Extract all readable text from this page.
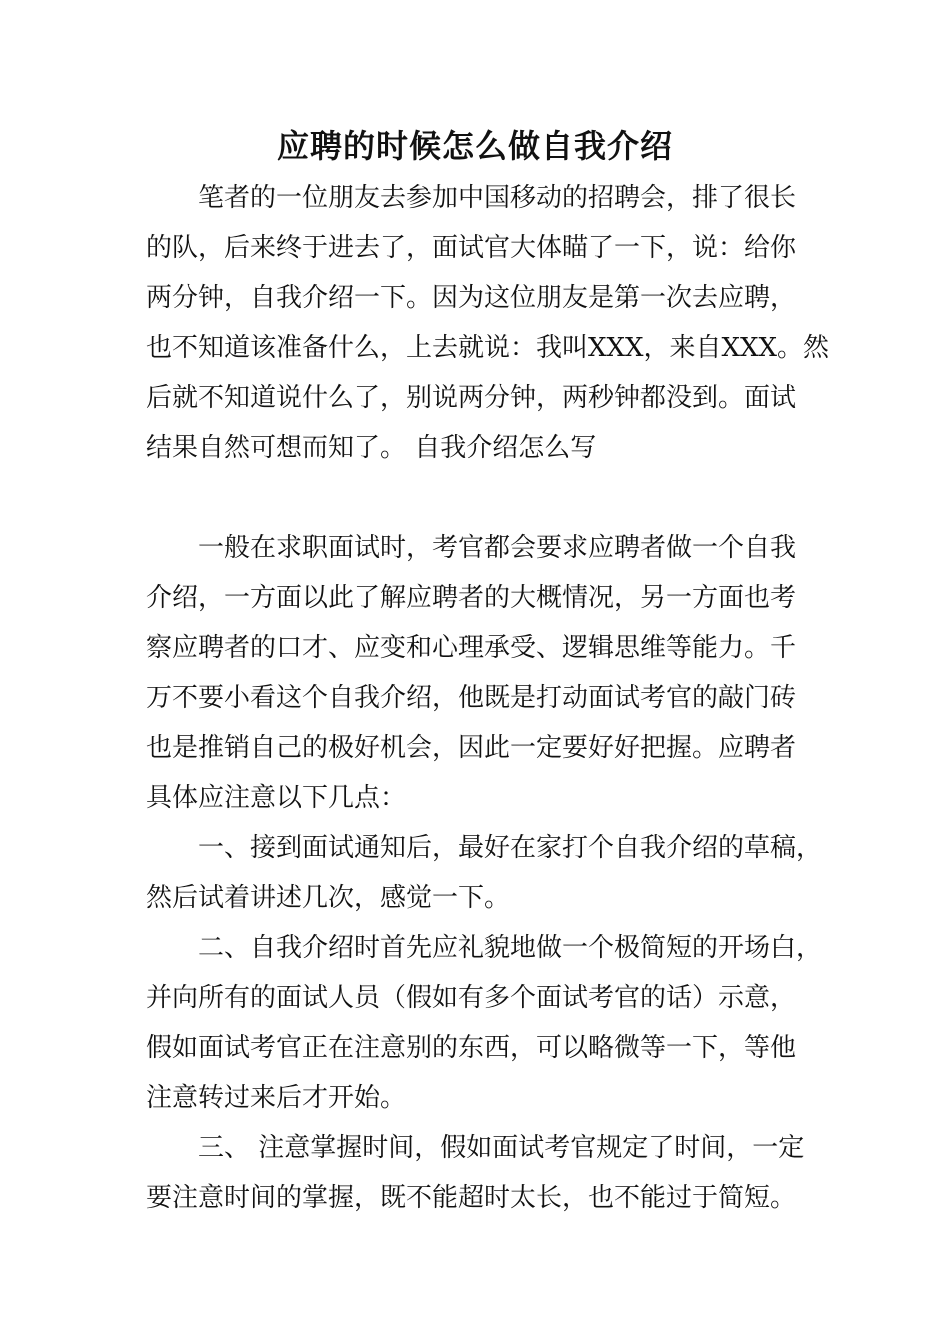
应聘的时候怎么做自我介绍
　　笔者的一位朋友去参加中国移动的招聘会，排了很长
的队，后来终于进去了，面试官大体瞄了一下，说：给你
两分钟，自我介绍一下。因为这位朋友是第一次去应聘，
也不知道该准备什么，上去就说：我叫XXX，来自XXX。然
后就不知道说什么了，别说两分钟，两秒钟都没到。面试
结果自然可想而知了。 自我介绍怎么写
　　一般在求职面试时，考官都会要求应聘者做一个自我
介绍，一方面以此了解应聘者的大概情况，另一方面也考
察应聘者的口才、应变和心理承受、逻辑思维等能力。千
万不要小看这个自我介绍，他既是打动面试考官的敲门砖
也是推销自己的极好机会，因此一定要好好把握。应聘者
具体应注意以下几点：
　　一、接到面试通知后，最好在家打个自我介绍的草稿，
然后试着讲述几次，感觉一下。
　　二、自我介绍时首先应礼貌地做一个极简短的开场白，
并向所有的面试人员（假如有多个面试考官的话）示意，
假如面试考官正在注意别的东西，可以略微等一下，等他
注意转过来后才开始。
　　三、 注意掌握时间，假如面试考官规定了时间，一定
要注意时间的掌握，既不能超时太长，也不能过于简短。
